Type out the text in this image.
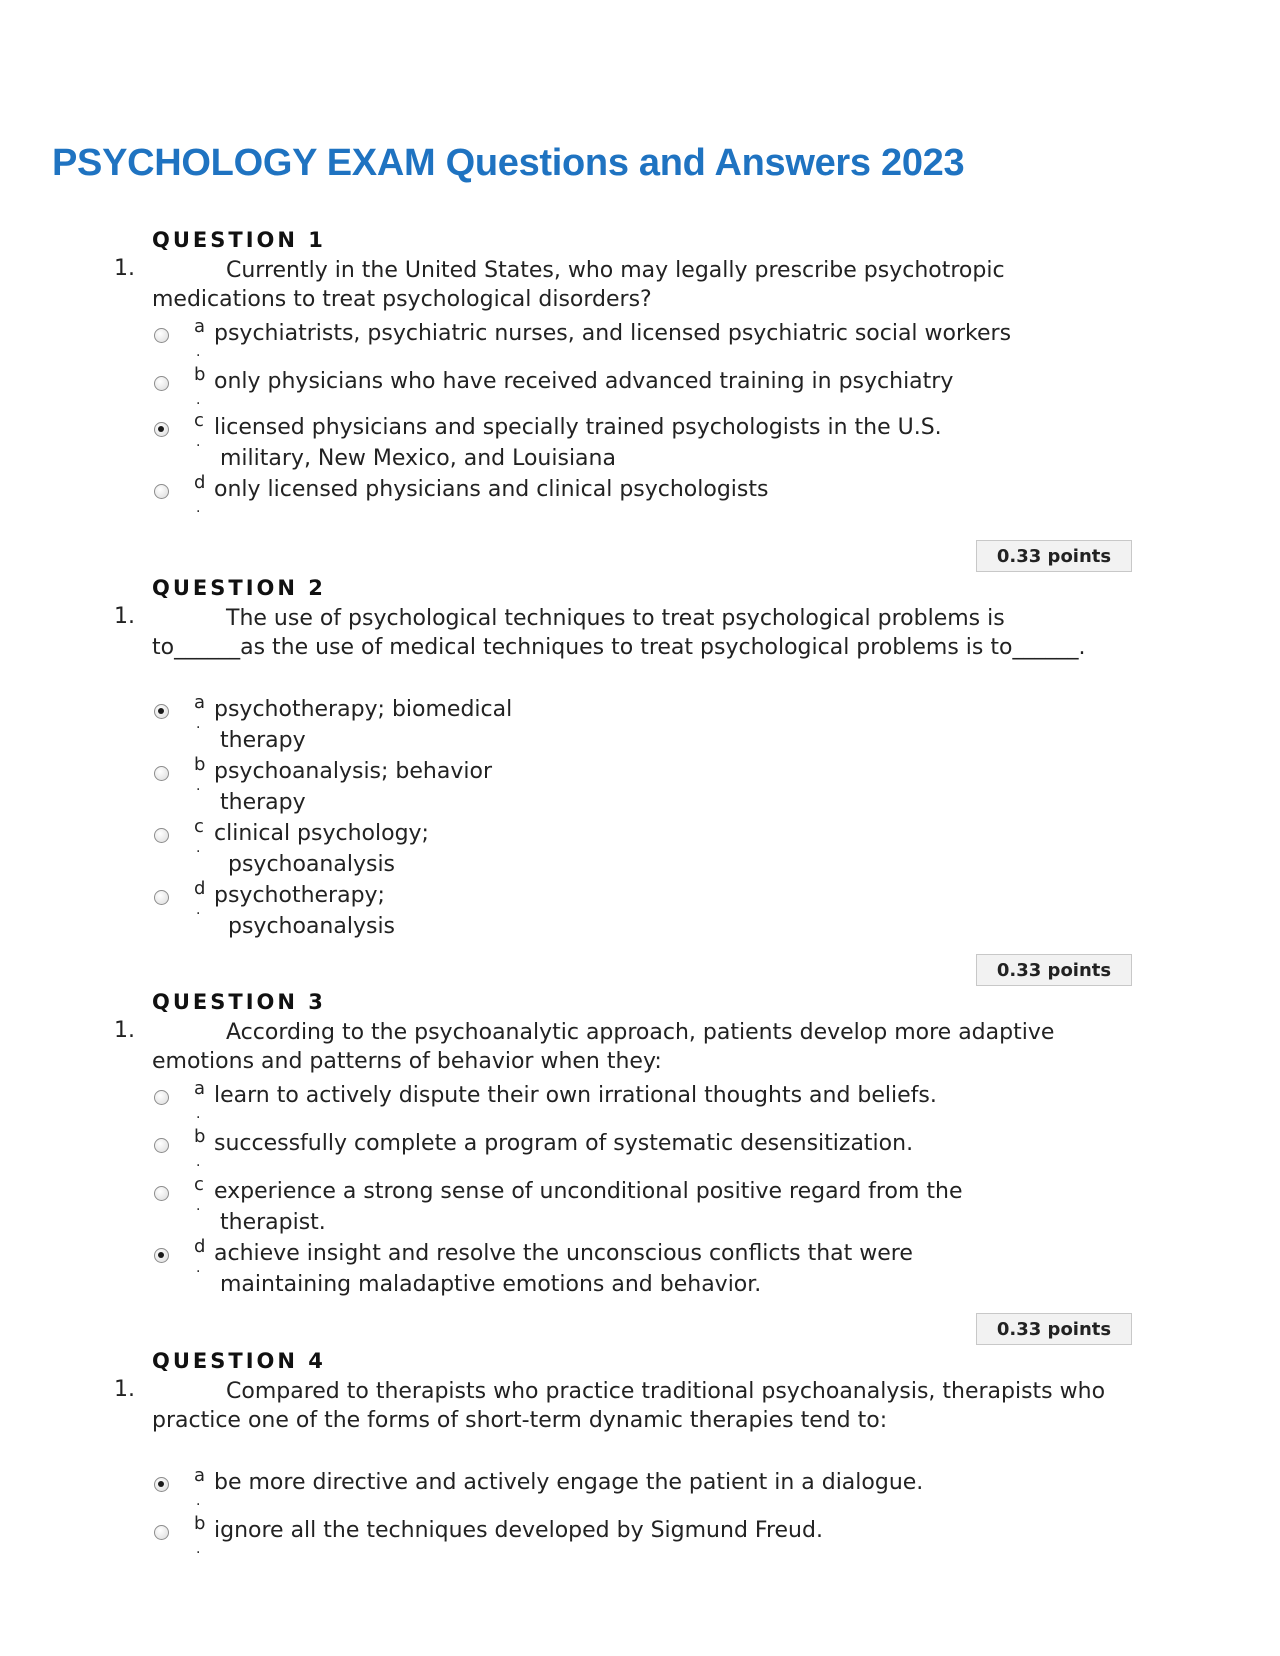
PSYCHOLOGY EXAM Questions and Answers 2023
QUESTION 1
1.	Currently in the United States, who may legally prescribe psychotropic medications to treat psychological disorders?
a
.
psychiatrists, psychiatric nurses, and licensed psychiatric social workers
b
.
only physicians who have received advanced training in psychiatry
c
·
licensed physicians and specially trained psychologists in the U.S.
military, New Mexico, and Louisiana
d
.
only licensed physicians and clinical psychologists
0.33 points
QUESTION 2
1.	The use of psychological techniques to treat psychological problems is to______as the use of medical techniques to treat psychological problems is to______.
a
·
psychotherapy; biomedical
therapy
b
·
psychoanalysis; behavior
therapy
c
·
clinical psychology;
psychoanalysis
d
·
psychotherapy;
psychoanalysis
0.33 points
QUESTION 3
1.	According to the psychoanalytic approach, patients develop more adaptive emotions and patterns of behavior when they:
a
.
learn to actively dispute their own irrational thoughts and beliefs.
b
.
successfully complete a program of systematic desensitization.
c
·
experience a strong sense of unconditional positive regard from the
therapist.
d
·
achieve insight and resolve the unconscious conflicts that were
maintaining maladaptive emotions and behavior.
0.33 points
QUESTION 4
1.	Compared to therapists who practice traditional psychoanalysis, therapists who practice one of the forms of short-term dynamic therapies tend to:
a
.
be more directive and actively engage the patient in a dialogue.
b
.
ignore all the techniques developed by Sigmund Freud.
